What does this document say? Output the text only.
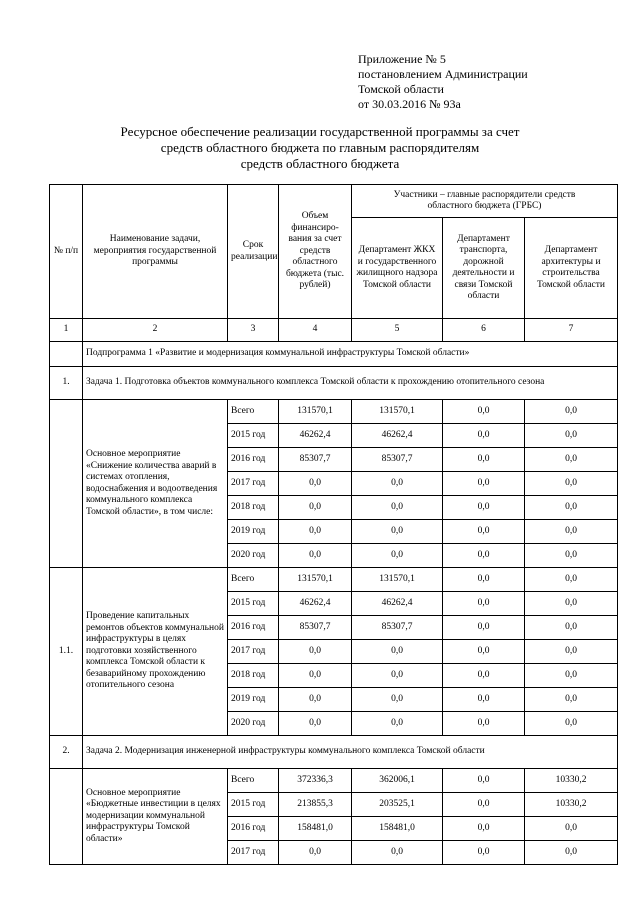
Приложение № 5
постановлением Администрации
Томской области
от 30.03.2016 № 93а
Ресурсное обеспечение реализации государственной программы за счет
средств областного бюджета по главным распорядителям
средств областного бюджета
№ п/п	Наименование задачи, мероприятия государственной программы	Срок реализации	Объем финансиро-вания за счет средств областного бюджета (тыс. рублей)	Участники – главные распорядители средств областного бюджета (ГРБС)		
				Департамент ЖКХ и государственного жилищного надзора Томской области	Департамент транспорта, дорожной деятельности и связи Томской области	Департамент архитектуры и строительства Томской области
1	2	3	4	5	6	7
	Подпрограмма 1 «Развитие и модернизация коммунальной инфраструктуры Томской области»					
1.	Задача 1. Подготовка объектов коммунального комплекса Томской области к прохождению отопительного сезона					
	Основное мероприятие «Снижение количества аварий в системах отопления, водоснабжения и водоотведения коммунального комплекса Томской области», в том числе:	Всего	131570,1	131570,1	0,0	0,0
		2015 год	46262,4	46262,4	0,0	0,0
		2016 год	85307,7	85307,7	0,0	0,0
		2017 год	0,0	0,0	0,0	0,0
		2018 год	0,0	0,0	0,0	0,0
		2019 год	0,0	0,0	0,0	0,0
		2020 год	0,0	0,0	0,0	0,0
1.1.	Проведение капитальных ремонтов объектов коммунальной инфраструктуры в целях подготовки хозяйственного комплекса Томской области к безаварийному прохождению отопительного сезона	Всего	131570,1	131570,1	0,0	0,0
		2015 год	46262,4	46262,4	0,0	0,0
		2016 год	85307,7	85307,7	0,0	0,0
		2017 год	0,0	0,0	0,0	0,0
		2018 год	0,0	0,0	0,0	0,0
		2019 год	0,0	0,0	0,0	0,0
		2020 год	0,0	0,0	0,0	0,0
2.	Задача 2. Модернизация инженерной инфраструктуры коммунального комплекса Томской области					
	Основное мероприятие «Бюджетные инвестиции в целях модернизации коммунальной инфраструктуры Томской области»	Всего	372336,3	362006,1	0,0	10330,2
		2015 год	213855,3	203525,1	0,0	10330,2
		2016 год	158481,0	158481,0	0,0	0,0
		2017 год	0,0	0,0	0,0	0,0
